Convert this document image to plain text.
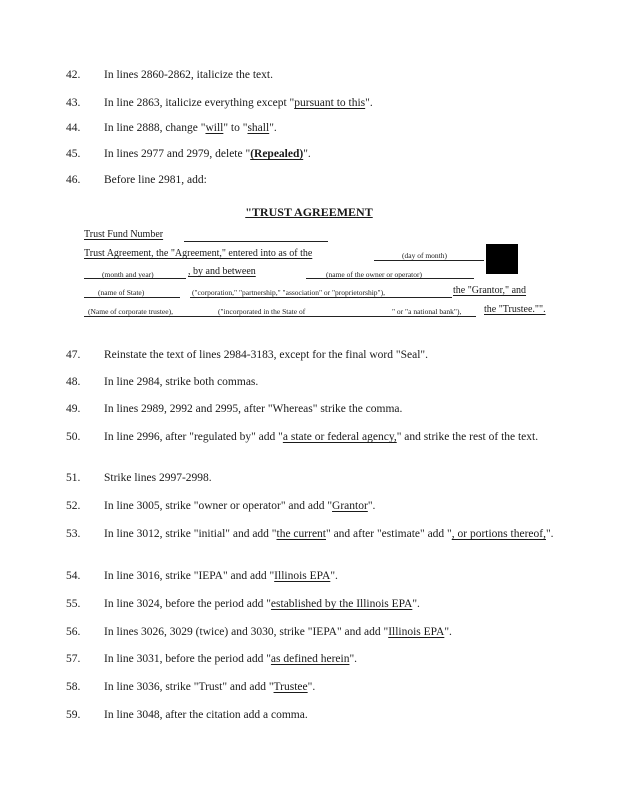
42.	In lines 2860-2862, italicize the text.
43.	In line 2863, italicize everything except "pursuant to this".
44.	In line 2888, change "will" to "shall".
45.	In lines 2977 and 2979, delete "(Repealed)".
46.	Before line 2981, add:
"TRUST AGREEMENT
Trust Fund Number
Trust Agreement, the "Agreement," entered into as of the	(day of month)
(month and year)	, by and between	(name of the owner or operator)
(name of State)	("corporation," "partnership," "association" or "proprietorship"),	the "Grantor," and
(Name of corporate trustee),	("incorporated in the State of	" or "a national bank"), the "Trustee."".
47.	Reinstate the text of lines 2984-3183, except for the final word "Seal".
48.	In line 2984, strike both commas.
49.	In lines 2989, 2992 and 2995, after "Whereas" strike the comma.
50.	In line 2996, after "regulated by" add "a state or federal agency," and strike the rest of the text.
51.	Strike lines 2997-2998.
52.	In line 3005, strike "owner or operator" and add "Grantor".
53.	In line 3012, strike "initial" and add "the current" and after "estimate" add ", or portions thereof,".
54.	In line 3016, strike "IEPA" and add "Illinois EPA".
55.	In line 3024, before the period add "established by the Illinois EPA".
56.	In lines 3026, 3029 (twice) and 3030, strike "IEPA" and add "Illinois EPA".
57.	In line 3031, before the period add "as defined herein".
58.	In line 3036, strike "Trust" and add "Trustee".
59.	In line 3048, after the citation add a comma.
